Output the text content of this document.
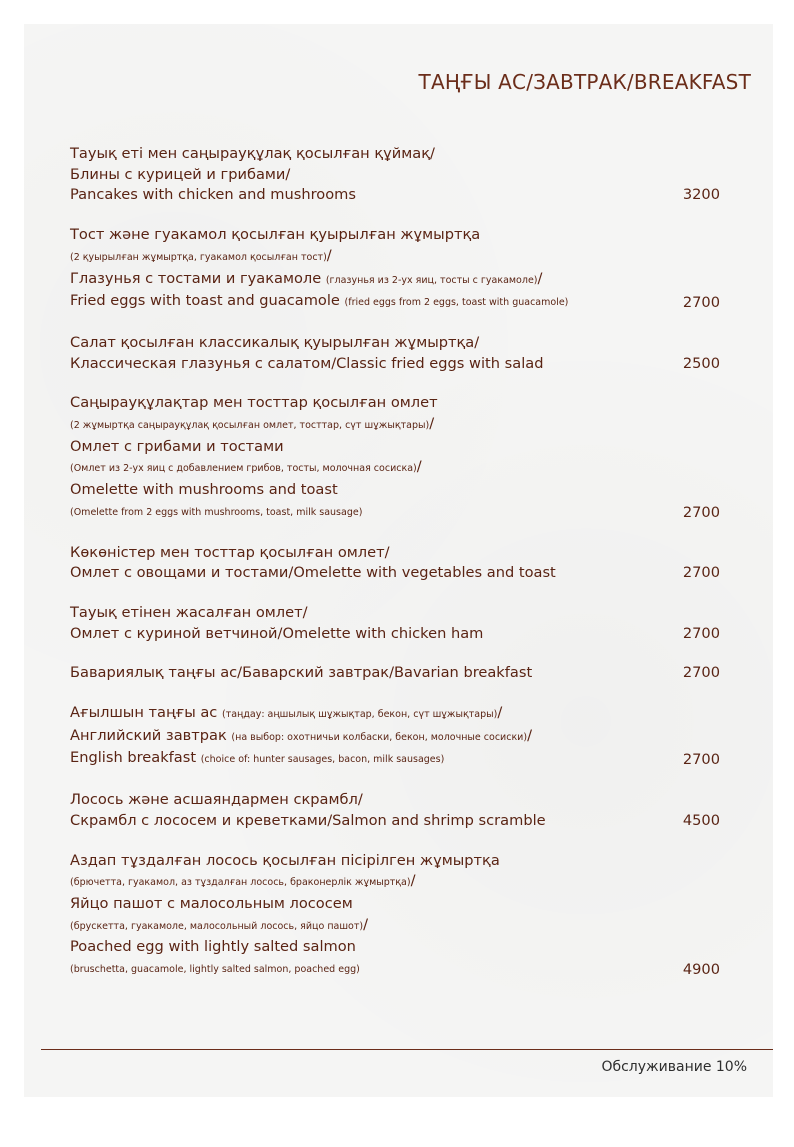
ТАҢҒЫ АС/ЗАВТРАК/BREAKFAST
Тауық еті мен саңырауқұлақ қосылған құймақ/
Блины с курицей и грибами/
Pancakes with chicken and mushrooms	3200
Тост және гуакамол қосылған қуырылған жұмыртқа
(2 қуырылған жұмыртқа, гуакамол қосылған тост)/
Глазунья с тостами и гуакамоле (глазунья из 2-ух яиц, тосты с гуакамоле)/
Fried eggs with toast and guacamole (fried eggs from 2 eggs, toast with guacamole)	2700
Салат қосылған классикалық қуырылған жұмыртқа/
Классическая глазунья с салатом/Classic fried eggs with salad	2500
Саңырауқұлақтар мен тосттар қосылған омлет
(2 жұмыртқа саңырауқұлақ қосылған омлет, тосттар, сүт шұжықтары)/
Омлет с грибами и тостами
(Омлет из 2-ух яиц с добавлением грибов, тосты, молочная сосиска)/
Omelette with mushrooms and toast
(Omelette from 2 eggs with mushrooms, toast, milk sausage)	2700
Көкөністер мен тосттар қосылған омлет/
Омлет с овощами и тостами/Omelette with vegetables and toast	2700
Тауық етінен жасалған омлет/
Омлет с куриной ветчиной/Omelette with chicken ham	2700
Бавариялық таңғы ас/Баварский завтрак/Bavarian breakfast	2700
Ағылшын таңғы ас (таңдау: аңшылық шұжықтар, бекон, сүт шұжықтары)/
Английский завтрак (на выбор: охотничьи колбаски, бекон, молочные сосиски)/
English breakfast (choice of: hunter sausages, bacon, milk sausages)	2700
Лосось және асшаяндармен скрамбл/
Скрамбл с лососем и креветками/Salmon and shrimp scramble	4500
Аздап тұздалған лосось қосылған пісірілген жұмыртқа
(брючетта, гуакамол, аз тұздалған лосось, браконерлік жұмыртқа)/
Яйцо пашот с малосольным лососем
(брускетта, гуакамоле, малосольный лосось, яйцо пашот)/
Poached egg with lightly salted salmon
(bruschetta, guacamole, lightly salted salmon, poached egg)	4900
Обслуживание 10%
